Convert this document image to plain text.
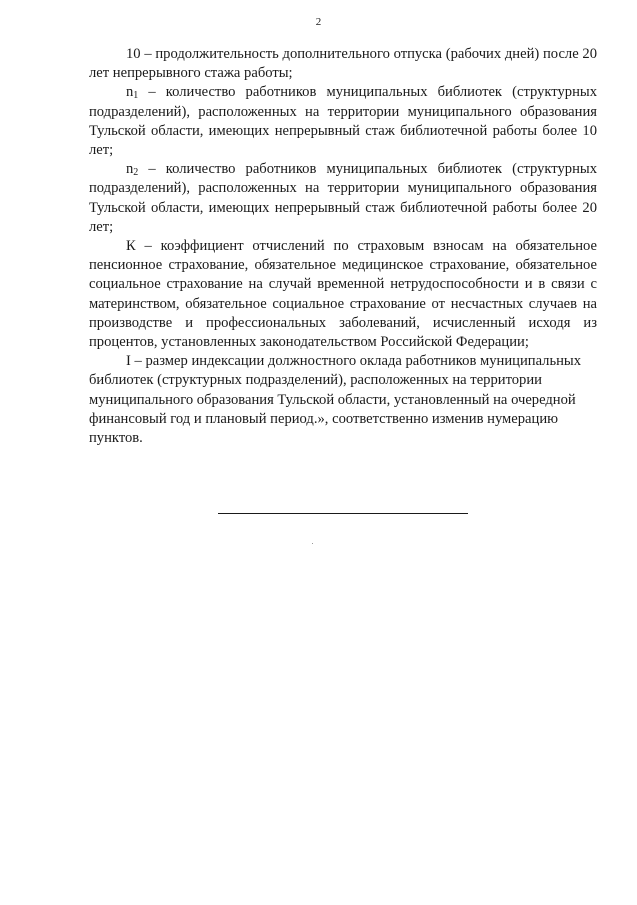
2

10 – продолжительность дополнительного отпуска (рабочих дней) после 20 лет непрерывного стажа работы;

$n_1$ – количество работников муниципальных библиотек (структурных подразделений), расположенных на территории муниципального образования Тульской области, имеющих непрерывный стаж библиотечной работы более 10 лет;

$n_2$ – количество работников муниципальных библиотек (структурных подразделений), расположенных на территории муниципального образования Тульской области, имеющих непрерывный стаж библиотечной работы более 20 лет;

К – коэффициент отчислений по страховым взносам на обязательное пенсионное страхование, обязательное медицинское страхование, обязательное социальное страхование на случай временной нетрудоспособности и в связи с материнством, обязательное социальное страхование от несчастных случаев на производстве и профессиональных заболеваний, исчисленный исходя из процентов, установленных законодательством Российской Федерации;

I – размер индексации должностного оклада работников муниципальных библиотек (структурных подразделений), расположенных на территории муниципального образования Тульской области, установленный на очередной финансовый год и плановый период.», соответственно изменив нумерацию пунктов.
